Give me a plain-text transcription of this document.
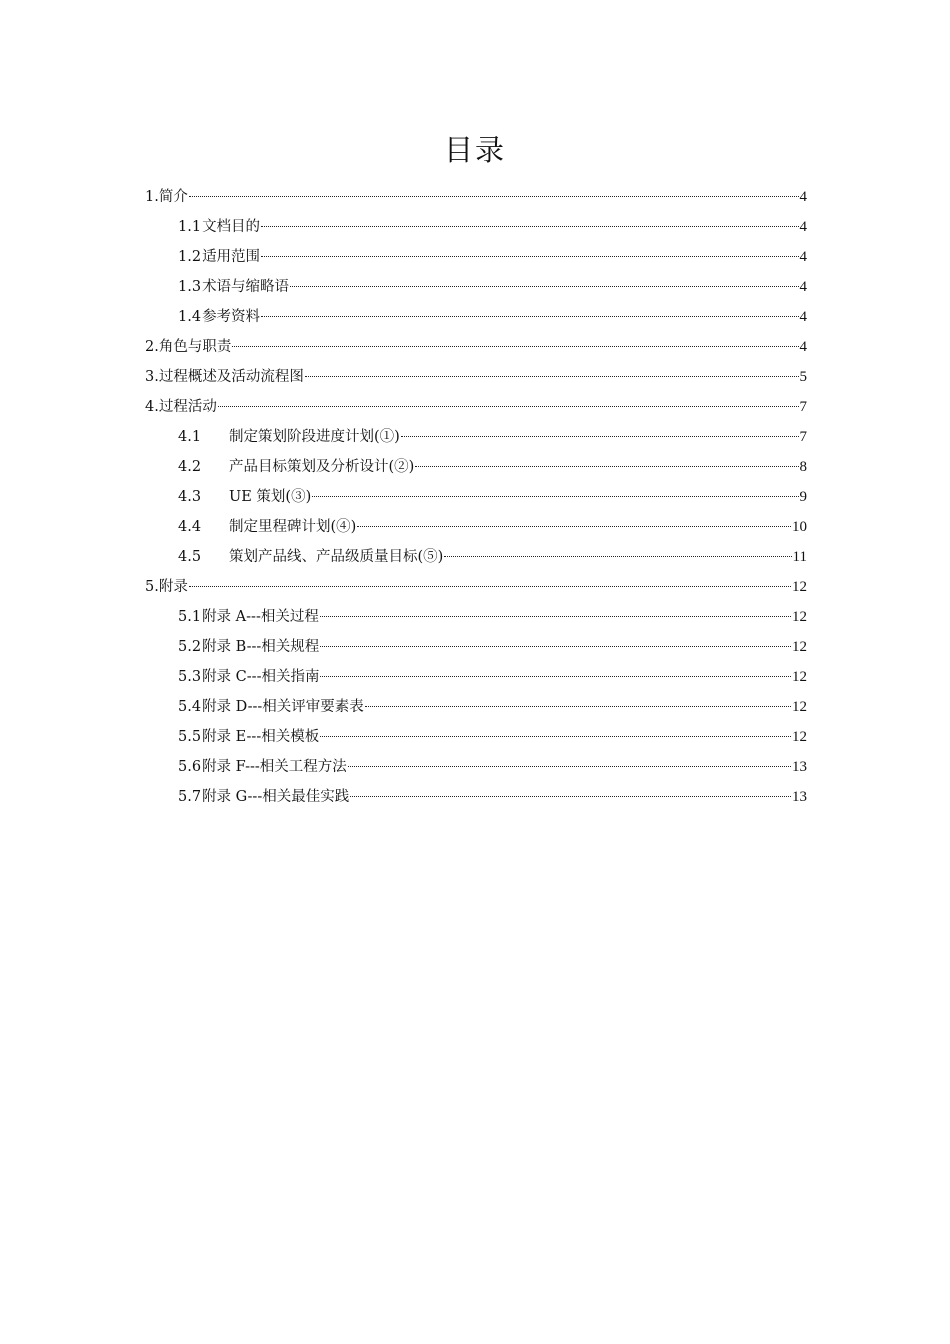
目录
1. 简介	4
1.1 文档目的	4
1.2 适用范围	4
1.3 术语与缩略语	4
1.4 参考资料	4
2. 角色与职责	4
3. 过程概述及活动流程图	5
4. 过程活动	7
4.1	制定策划阶段进度计划(①)	7
4.2	产品目标策划及分析设计(②)	8
4.3	UE 策划(③)	9
4.4	制定里程碑计划(④)	10
4.5	策划产品线、产品级质量目标(⑤)	11
5. 附录	12
5.1 附录 A---相关过程	12
5.2 附录 B---相关规程	12
5.3 附录 C---相关指南	12
5.4 附录 D---相关评审要素表	12
5.5 附录 E---相关模板	12
5.6 附录 F---相关工程方法	13
5.7 附录 G---相关最佳实践	13
